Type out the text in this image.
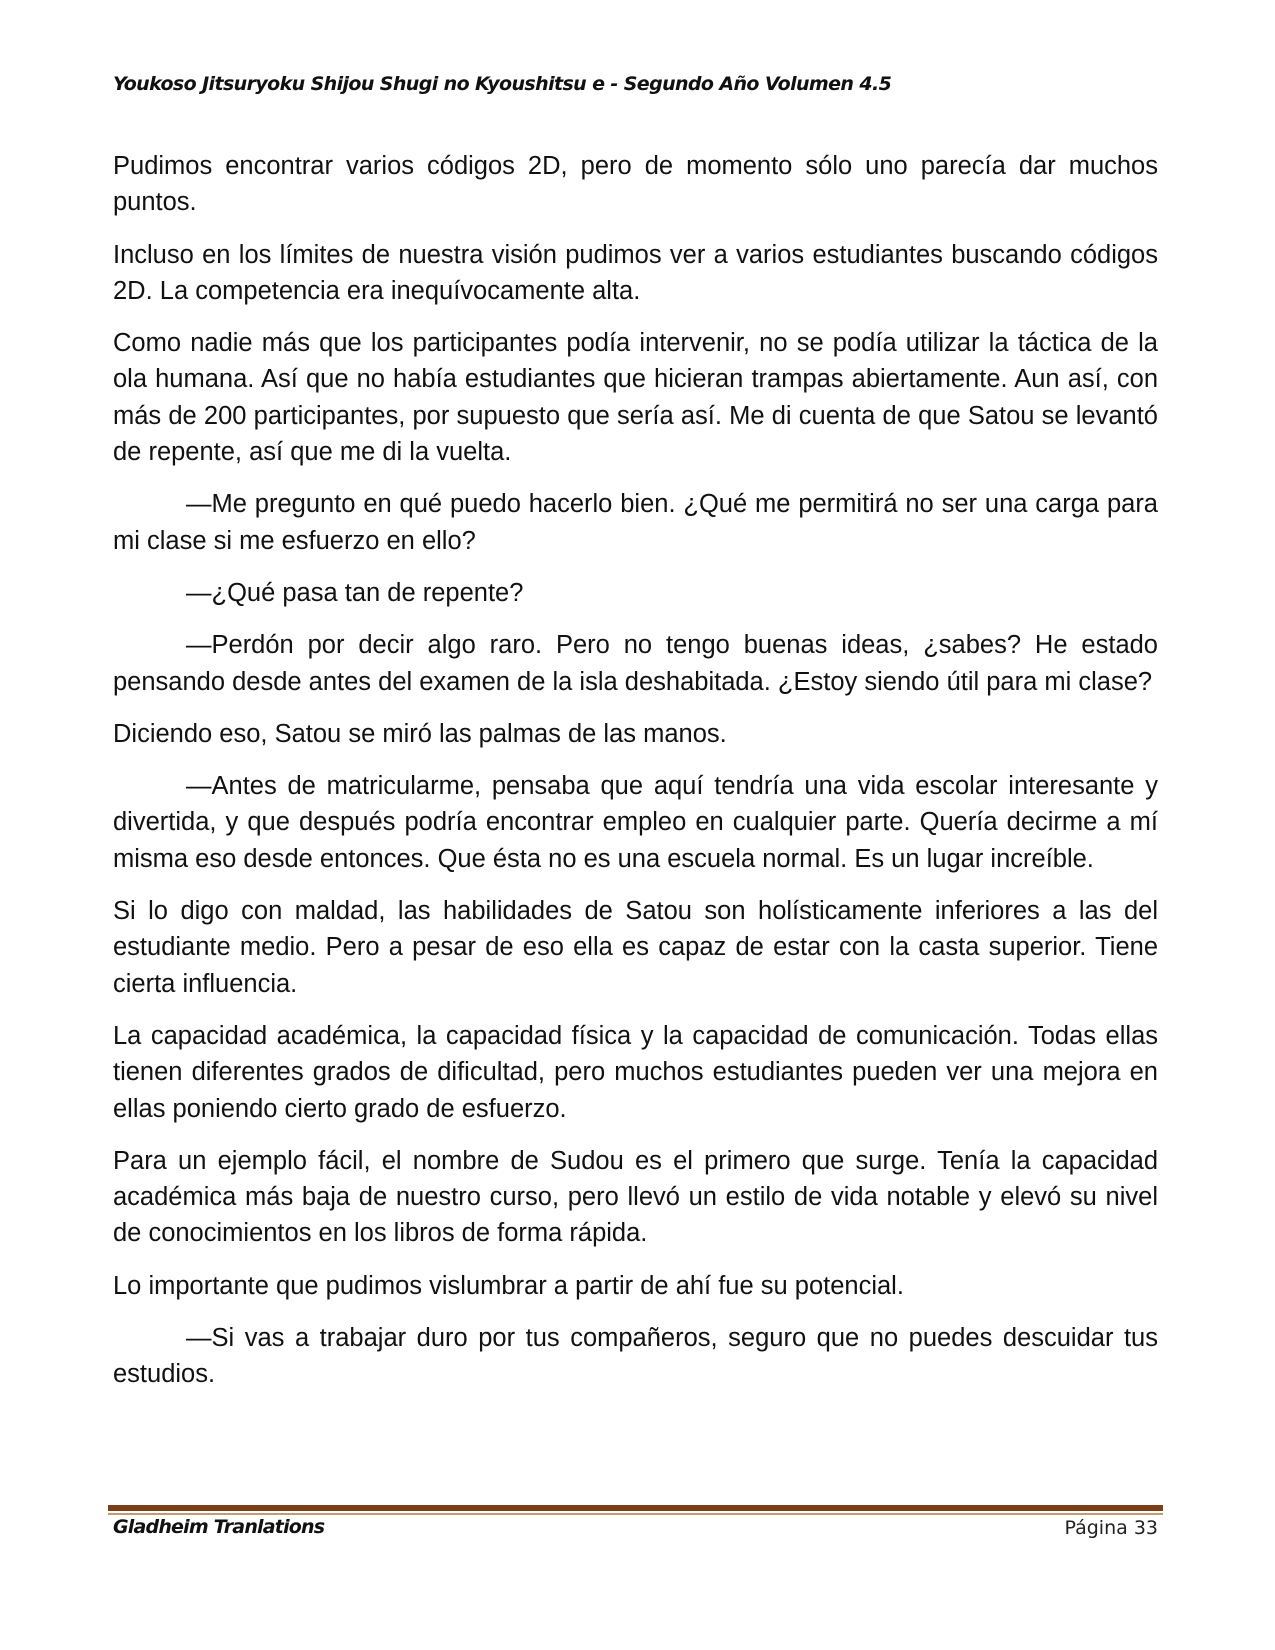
Youkoso Jitsuryoku Shijou Shugi no Kyoushitsu e - Segundo Año Volumen 4.5

Pudimos encontrar varios códigos 2D, pero de momento sólo uno parecía dar muchos puntos.

Incluso en los límites de nuestra visión pudimos ver a varios estudiantes buscando códigos 2D. La competencia era inequívocamente alta.

Como nadie más que los participantes podía intervenir, no se podía utilizar la táctica de la ola humana. Así que no había estudiantes que hicieran trampas abiertamente. Aun así, con más de 200 participantes, por supuesto que sería así. Me di cuenta de que Satou se levantó de repente, así que me di la vuelta.

—Me pregunto en qué puedo hacerlo bien. ¿Qué me permitirá no ser una carga para mi clase si me esfuerzo en ello?

—¿Qué pasa tan de repente?

—Perdón por decir algo raro. Pero no tengo buenas ideas, ¿sabes? He estado pensando desde antes del examen de la isla deshabitada. ¿Estoy siendo útil para mi clase?

Diciendo eso, Satou se miró las palmas de las manos.

—Antes de matricularme, pensaba que aquí tendría una vida escolar interesante y divertida, y que después podría encontrar empleo en cualquier parte. Quería decirme a mí misma eso desde entonces. Que ésta no es una escuela normal. Es un lugar increíble.

Si lo digo con maldad, las habilidades de Satou son holísticamente inferiores a las del estudiante medio. Pero a pesar de eso ella es capaz de estar con la casta superior. Tiene cierta influencia.

La capacidad académica, la capacidad física y la capacidad de comunicación. Todas ellas tienen diferentes grados de dificultad, pero muchos estudiantes pueden ver una mejora en ellas poniendo cierto grado de esfuerzo.

Para un ejemplo fácil, el nombre de Sudou es el primero que surge. Tenía la capacidad académica más baja de nuestro curso, pero llevó un estilo de vida notable y elevó su nivel de conocimientos en los libros de forma rápida.

Lo importante que pudimos vislumbrar a partir de ahí fue su potencial.

—Si vas a trabajar duro por tus compañeros, seguro que no puedes descuidar tus estudios.

Gladheim Tranlations	Página 33
